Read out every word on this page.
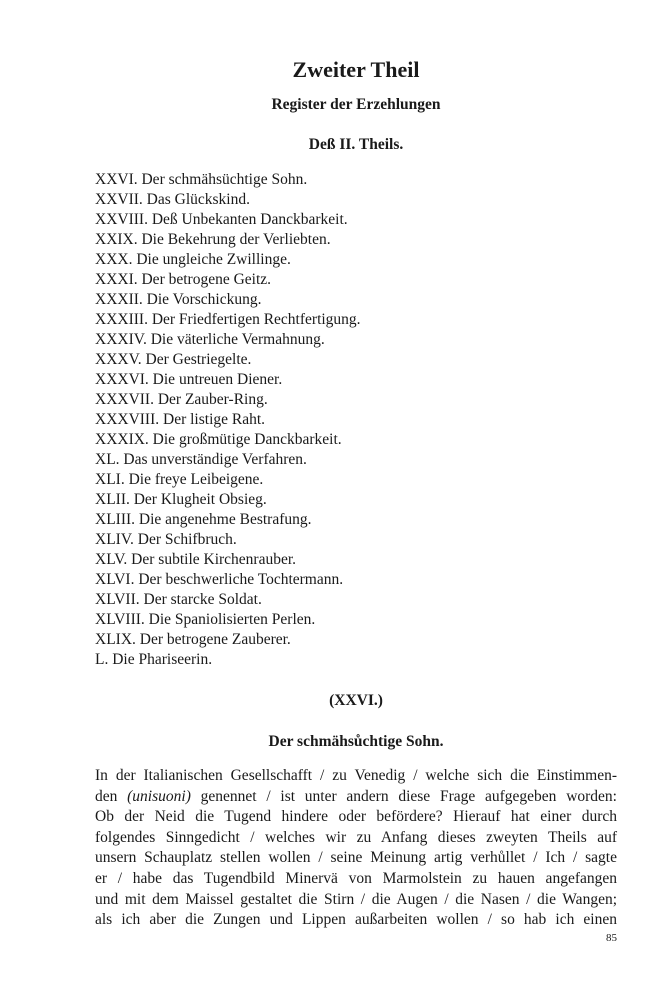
Zweiter Theil
Register der Erzehlungen
Deß II. Theils.
XXVI. Der schmähsüchtige Sohn.
XXVII. Das Glückskind.
XXVIII. Deß Unbekanten Danckbarkeit.
XXIX. Die Bekehrung der Verliebten.
XXX. Die ungleiche Zwillinge.
XXXI. Der betrogene Geitz.
XXXII. Die Vorschickung.
XXXIII. Der Friedfertigen Rechtfertigung.
XXXIV. Die väterliche Vermahnung.
XXXV. Der Gestriegelte.
XXXVI. Die untreuen Diener.
XXXVII. Der Zauber-Ring.
XXXVIII. Der listige Raht.
XXXIX. Die großmütige Danckbarkeit.
XL. Das unverständige Verfahren.
XLI. Die freye Leibeigene.
XLII. Der Klugheit Obsieg.
XLIII. Die angenehme Bestrafung.
XLIV. Der Schifbruch.
XLV. Der subtile Kirchenrauber.
XLVI. Der beschwerliche Tochtermann.
XLVII. Der starcke Soldat.
XLVIII. Die Spaniolisierten Perlen.
XLIX. Der betrogene Zauberer.
L. Die Phariseerin.
(XXVI.)
Der schmähsůchtige Sohn.

In der Italianischen Gesellschafft / zu Venedig / welche sich die Einstimmen-
den (unisuoni) genennet / ist unter andern diese Frage aufgegeben worden:
Ob der Neid die Tugend hindere oder befördere? Hierauf hat einer durch
folgendes Sinngedicht / welches wir zu Anfang dieses zweyten Theils auf
unsern Schauplatz stellen wollen / seine Meinung artig verhůllet / Ich / sagte
er / habe das Tugendbild Minervä von Marmolstein zu hauen angefangen
und mit dem Maissel gestaltet die Stirn / die Augen / die Nasen / die Wangen;
als ich aber die Zungen und Lippen außarbeiten wollen / so hab ich einen

85
